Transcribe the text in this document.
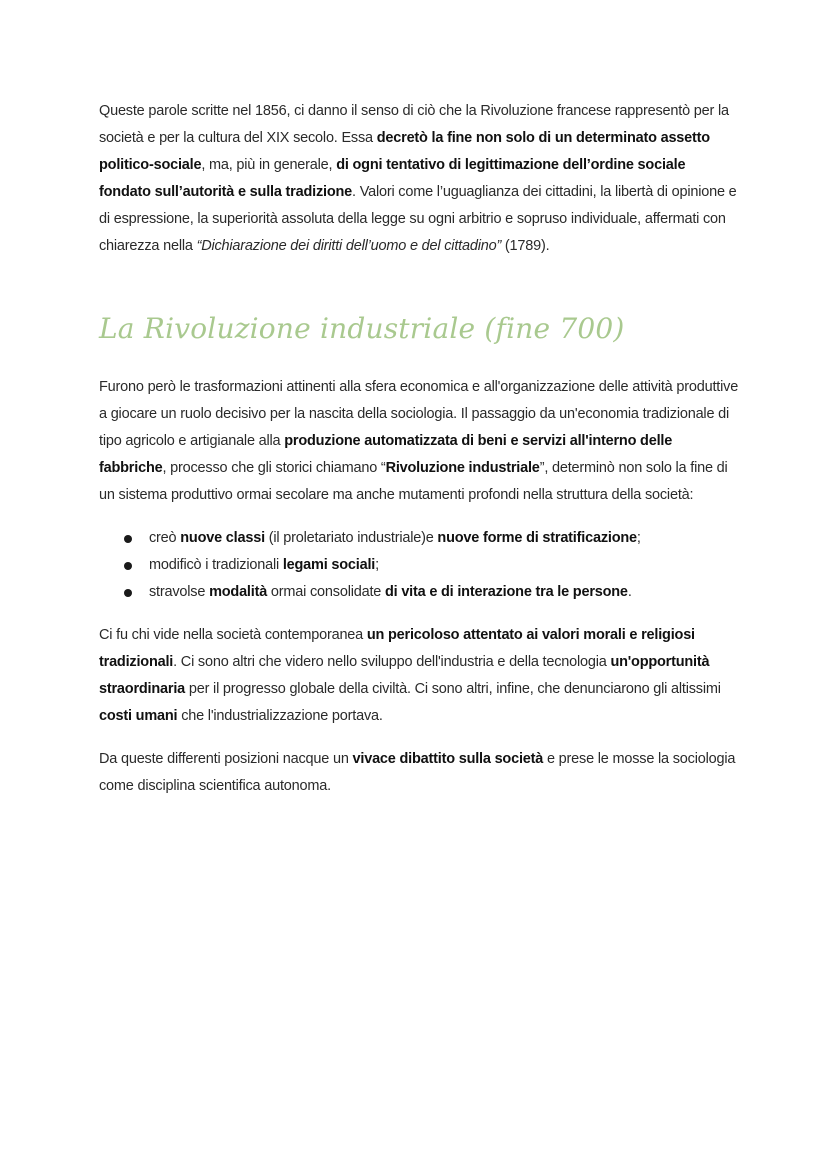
Queste parole scritte nel 1856, ci danno il senso di ciò che la Rivoluzione francese rappresentò per la società e per la cultura del XIX secolo. Essa decretò la fine non solo di un determinato assetto politico-sociale, ma, più in generale, di ogni tentativo di legittimazione dell’ordine sociale fondato sull’autorità e sulla tradizione. Valori come l’uguaglianza dei cittadini, la libertà di opinione e di espressione, la superiorità assoluta della legge su ogni arbitrio e sopruso individuale, affermati con chiarezza nella “Dichiarazione dei diritti dell’uomo e del cittadino” (1789).

La Rivoluzione industriale (fine 700)

Furono però le trasformazioni attinenti alla sfera economica e all'organizzazione delle attività produttive a giocare un ruolo decisivo per la nascita della sociologia. Il passaggio da un'economia tradizionale di tipo agricolo e artigianale alla produzione automatizzata di beni e servizi all'interno delle fabbriche, processo che gli storici chiamano “Rivoluzione industriale”, determinò non solo la fine di un sistema produttivo ormai secolare ma anche mutamenti profondi nella struttura della società:

creò nuove classi (il proletariato industriale)e nuove forme di stratificazione;
modificò i tradizionali legami sociali;
stravolse modalità ormai consolidate di vita e di interazione tra le persone.

Ci fu chi vide nella società contemporanea un pericoloso attentato ai valori morali e religiosi tradizionali. Ci sono altri che videro nello sviluppo dell'industria e della tecnologia un'opportunità straordinaria per il progresso globale della civiltà. Ci sono altri, infine, che denunciarono gli altissimi costi umani che l'industrializzazione portava.

Da queste differenti posizioni nacque un vivace dibattito sulla società e prese le mosse la sociologia come disciplina scientifica autonoma.
